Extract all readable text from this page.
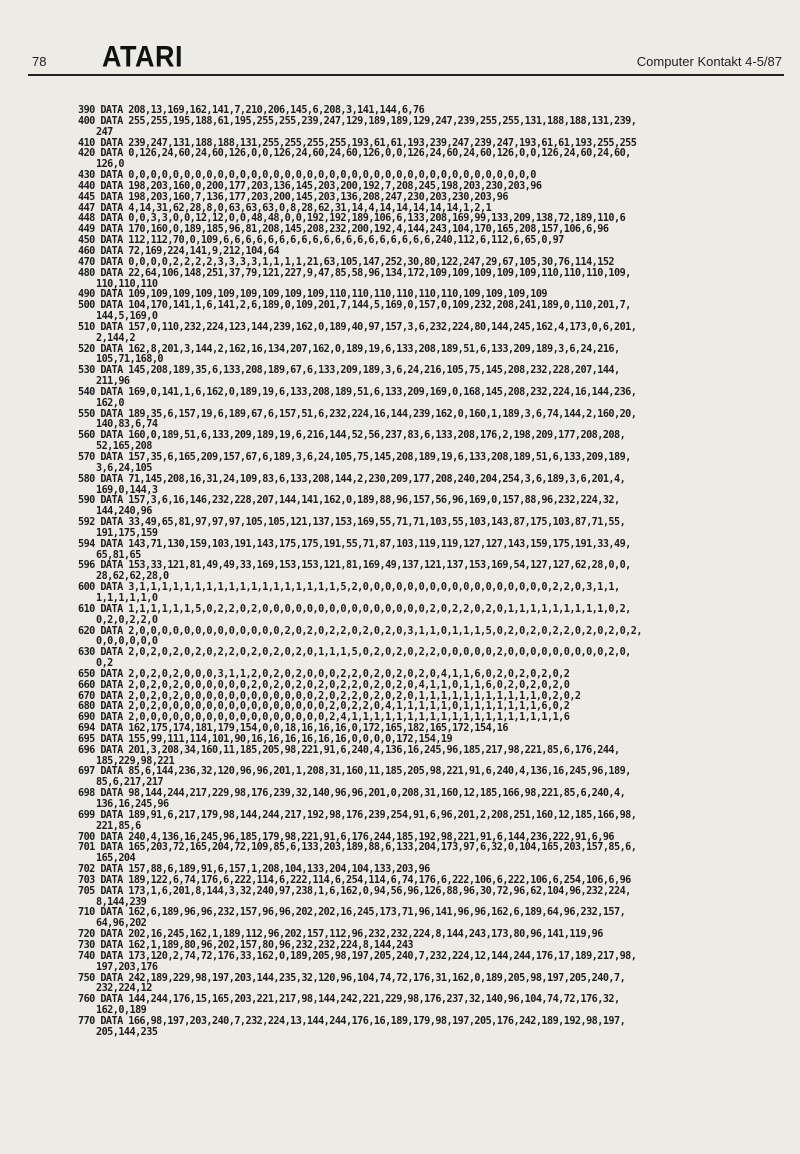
78 ATARI	Computer Kontakt 4-5/87
390 DATA 208,13,169,162,141,7,210,206,145,6,208,3,141,144,6,76
400 DATA 255,255,195,188,61,195,255,255,239,247,129,189,189,129,247,239,255,255,131,188,188,131,239,
247
410 DATA 239,247,131,188,188,131,255,255,255,255,193,61,61,193,239,247,239,247,193,61,61,193,255,255
420 DATA 0,126,24,60,24,60,126,0,0,126,24,60,24,60,126,0,0,126,24,60,24,60,126,0,0,126,24,60,24,60,
126,0
430 DATA 0,0,0,0,0,0,0,0,0,0,0,0,0,0,0,0,0,0,0,0,0,0,0,0,0,0,0,0,0,0,0,0,0,0,0,0,0
440 DATA 198,203,160,0,200,177,203,136,145,203,200,192,7,208,245,198,203,230,203,96
445 DATA 198,203,160,7,136,177,203,200,145,203,136,208,247,230,203,230,203,96
447 DATA 4,14,31,62,28,8,0,63,63,63,0,8,28,62,31,14,4,14,14,14,14,14,1,2,1
448 DATA 0,0,3,3,0,0,12,12,0,0,48,48,0,0,192,192,189,106,6,133,208,169,99,133,209,138,72,189,110,6
449 DATA 170,160,0,189,185,96,81,208,145,208,232,200,192,4,144,243,104,170,165,208,157,106,6,96
450 DATA 112,112,70,0,109,6,6,6,6,6,6,6,6,6,6,6,6,6,6,6,6,6,6,6,240,112,6,112,6,65,0,97
460 DATA 72,169,224,141,9,212,104,64
470 DATA 0,0,0,0,2,2,2,2,3,3,3,3,1,1,1,1,21,63,105,147,252,30,80,122,247,29,67,105,30,76,114,152
480 DATA 22,64,106,148,251,37,79,121,227,9,47,85,58,96,134,172,109,109,109,109,109,110,110,110,109,
110,110,110
490 DATA 109,109,109,109,109,109,109,109,109,110,110,110,110,110,110,109,109,109,109
500 DATA 104,170,141,1,6,141,2,6,189,0,109,201,7,144,5,169,0,157,0,109,232,208,241,189,0,110,201,7,
144,5,169,0
510 DATA 157,0,110,232,224,123,144,239,162,0,189,40,97,157,3,6,232,224,80,144,245,162,4,173,0,6,201,
2,144,2
520 DATA 162,8,201,3,144,2,162,16,134,207,162,0,189,19,6,133,208,189,51,6,133,209,189,3,6,24,216,
105,71,168,0
530 DATA 145,208,189,35,6,133,208,189,67,6,133,209,189,3,6,24,216,105,75,145,208,232,228,207,144,
211,96
540 DATA 169,0,141,1,6,162,0,189,19,6,133,208,189,51,6,133,209,169,0,168,145,208,232,224,16,144,236,
162,0
550 DATA 189,35,6,157,19,6,189,67,6,157,51,6,232,224,16,144,239,162,0,160,1,189,3,6,74,144,2,160,20,
140,83,6,74
560 DATA 160,0,189,51,6,133,209,189,19,6,216,144,52,56,237,83,6,133,208,176,2,198,209,177,208,208,
52,165,208
570 DATA 157,35,6,165,209,157,67,6,189,3,6,24,105,75,145,208,189,19,6,133,208,189,51,6,133,209,189,
3,6,24,105
580 DATA 71,145,208,16,31,24,109,83,6,133,208,144,2,230,209,177,208,240,204,254,3,6,189,3,6,201,4,
169,0,144,3
590 DATA 157,3,6,16,146,232,228,207,144,141,162,0,189,88,96,157,56,96,169,0,157,88,96,232,224,32,
144,240,96
592 DATA 33,49,65,81,97,97,97,105,105,121,137,153,169,55,71,71,103,55,103,143,87,175,103,87,71,55,
191,175,159
594 DATA 143,71,130,159,103,191,143,175,175,191,55,71,87,103,119,119,127,127,143,159,175,191,33,49,
65,81,65
596 DATA 153,33,121,81,49,49,33,169,153,153,121,81,169,49,137,121,137,153,169,54,127,127,62,28,0,0,
28,62,62,28,0
600 DATA 3,1,1,1,1,1,1,1,1,1,1,1,1,1,1,1,1,1,1,5,2,0,0,0,0,0,0,0,0,0,0,0,0,0,0,0,0,0,2,2,0,3,1,1,
1,1,1,1,1,0
610 DATA 1,1,1,1,1,1,5,0,2,2,0,2,0,0,0,0,0,0,0,0,0,0,0,0,0,0,0,2,0,2,2,0,2,0,1,1,1,1,1,1,1,1,1,0,2,
0,2,0,2,2,0
620 DATA 2,0,0,0,0,0,0,0,0,0,0,0,0,0,2,0,2,0,2,2,0,2,0,2,0,3,1,1,0,1,1,1,5,0,2,0,2,0,2,2,0,2,0,2,0,2,
0,0,0,0,0,0
630 DATA 2,0,2,0,2,0,2,0,2,2,0,2,0,2,0,2,0,1,1,1,5,0,2,0,2,0,2,2,0,0,0,0,0,2,0,0,0,0,0,0,0,0,0,2,0,
0,2
650 DATA 2,0,2,0,2,0,0,0,3,1,1,2,0,2,0,2,0,0,0,2,2,0,2,0,2,0,2,0,4,1,1,6,0,2,0,2,0,2,0,2
660 DATA 2,0,2,0,2,0,0,0,0,0,0,2,0,2,0,2,0,2,0,2,2,0,2,0,2,0,4,1,1,0,1,1,6,0,2,0,2,0,2,0
670 DATA 2,0,2,0,2,0,0,0,0,0,0,0,0,0,0,0,0,2,0,2,2,0,2,0,2,0,1,1,1,1,1,1,1,1,1,1,1,0,2,0,2
680 DATA 2,0,2,0,0,0,0,0,0,0,0,0,0,0,0,0,0,0,2,0,2,2,0,4,1,1,1,1,1,0,1,1,1,1,1,1,1,6,0,2
690 DATA 2,0,0,0,0,0,0,0,0,0,0,0,0,0,0,0,0,0,2,4,1,1,1,1,1,1,1,1,1,1,1,1,1,1,1,1,1,1,1,6
694 DATA 162,175,174,181,179,154,0,0,18,16,16,16,0,172,165,182,165,172,154,16
695 DATA 155,99,111,114,101,90,16,16,16,16,16,16,0,0,0,0,172,154,19
696 DATA 201,3,208,34,160,11,185,205,98,221,91,6,240,4,136,16,245,96,185,217,98,221,85,6,176,244,
185,229,98,221
697 DATA 85,6,144,236,32,120,96,96,201,1,208,31,160,11,185,205,98,221,91,6,240,4,136,16,245,96,189,
85,6,217,217
698 DATA 98,144,244,217,229,98,176,239,32,140,96,96,201,0,208,31,160,12,185,166,98,221,85,6,240,4,
136,16,245,96
699 DATA 189,91,6,217,179,98,144,244,217,192,98,176,239,254,91,6,96,201,2,208,251,160,12,185,166,98,
221,85,6
700 DATA 240,4,136,16,245,96,185,179,98,221,91,6,176,244,185,192,98,221,91,6,144,236,222,91,6,96
701 DATA 165,203,72,165,204,72,109,85,6,133,203,189,88,6,133,204,173,97,6,32,0,104,165,203,157,85,6,
165,204
702 DATA 157,88,6,189,91,6,157,1,208,104,133,204,104,133,203,96
703 DATA 189,122,6,74,176,6,222,114,6,222,114,6,254,114,6,74,176,6,222,106,6,222,106,6,254,106,6,96
705 DATA 173,1,6,201,8,144,3,32,240,97,238,1,6,162,0,94,56,96,126,88,96,30,72,96,62,104,96,232,224,
8,144,239
710 DATA 162,6,189,96,96,232,157,96,96,202,202,16,245,173,71,96,141,96,96,162,6,189,64,96,232,157,
64,96,202
720 DATA 202,16,245,162,1,189,112,96,202,157,112,96,232,232,224,8,144,243,173,80,96,141,119,96
730 DATA 162,1,189,80,96,202,157,80,96,232,232,224,8,144,243
740 DATA 173,120,2,74,72,176,33,162,0,189,205,98,197,205,240,7,232,224,12,144,244,176,17,189,217,98,
197,203,176
750 DATA 242,189,229,98,197,203,144,235,32,120,96,104,74,72,176,31,162,0,189,205,98,197,205,240,7,
232,224,12
760 DATA 144,244,176,15,165,203,221,217,98,144,242,221,229,98,176,237,32,140,96,104,74,72,176,32,
162,0,189
770 DATA 166,98,197,203,240,7,232,224,13,144,244,176,16,189,179,98,197,205,176,242,189,192,98,197,
205,144,235
